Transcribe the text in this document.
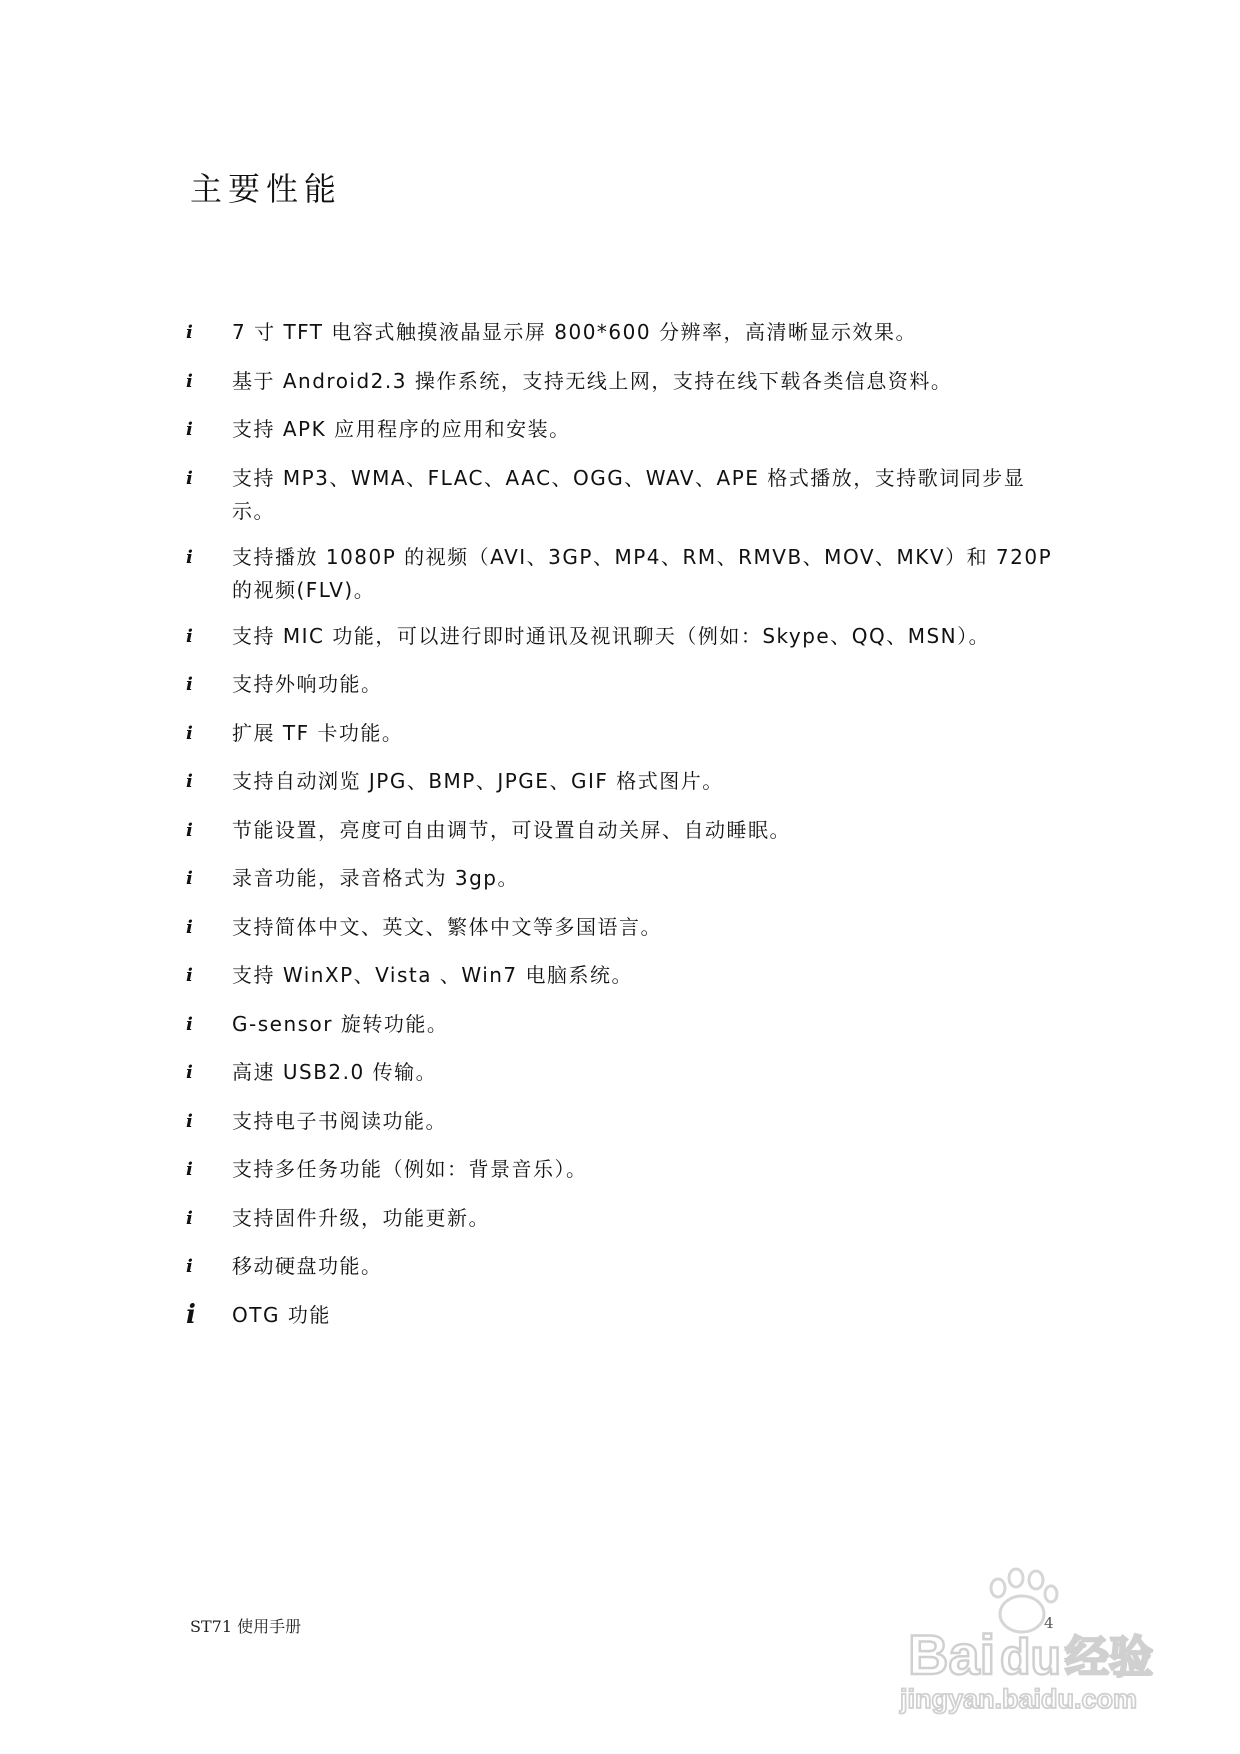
主要性能
i	7 寸 TFT 电容式触摸液晶显示屏 800*600 分辨率，高清晰显示效果。
i	基于 Android2.3 操作系统，支持无线上网，支持在线下载各类信息资料。
i	支持 APK 应用程序的应用和安装。
i	支持 MP3、WMA、FLAC、AAC、OGG、WAV、APE 格式播放，支持歌词同步显示。
i	支持播放 1080P 的视频（AVI、3GP、MP4、RM、RMVB、MOV、MKV）和 720P 的视频(FLV)。
i	支持 MIC 功能，可以进行即时通讯及视讯聊天（例如：Skype、QQ、MSN）。
i	支持外响功能。
i	扩展 TF 卡功能。
i	支持自动浏览 JPG、BMP、JPGE、GIF 格式图片。
i	节能设置，亮度可自由调节，可设置自动关屏、自动睡眠。
i	录音功能，录音格式为 3gp。
i	支持简体中文、英文、繁体中文等多国语言。
i	支持 WinXP、Vista 、Win7 电脑系统。
i	G-sensor 旋转功能。
i	高速 USB2.0 传输。
i	支持电子书阅读功能。
i	支持多任务功能（例如：背景音乐）。
i	支持固件升级，功能更新。
i	移动硬盘功能。
i	OTG 功能
ST71 使用手册	4
Bai du 经验
jingyan.baidu.com
